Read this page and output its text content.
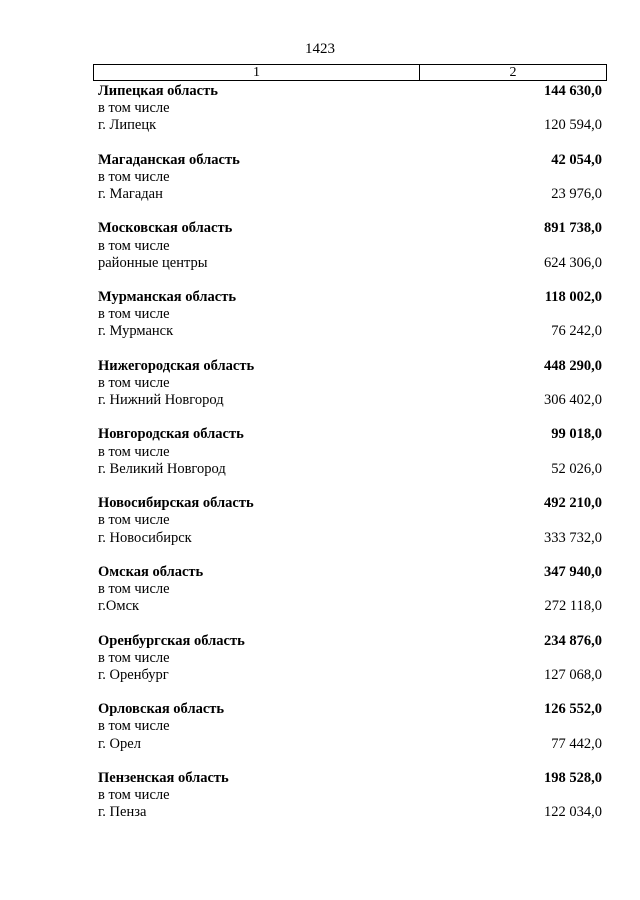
1423
1	2
Липецкая область	144 630,0
в том числе
г. Липецк	120 594,0
Магаданская область	42 054,0
в том числе
г. Магадан	23 976,0
Московская область	891 738,0
в том числе
районные центры	624 306,0
Мурманская область	118 002,0
в том числе
г. Мурманск	76 242,0
Нижегородская область	448 290,0
в том числе
г. Нижний Новгород	306 402,0
Новгородская область	99 018,0
в том числе
г. Великий Новгород	52 026,0
Новосибирская область	492 210,0
в том числе
г. Новосибирск	333 732,0
Омская область	347 940,0
в том числе
г.Омск	272 118,0
Оренбургская область	234 876,0
в том числе
г. Оренбург	127 068,0
Орловская область	126 552,0
в том числе
г. Орел	77 442,0
Пензенская область	198 528,0
в том числе
г. Пенза	122 034,0
